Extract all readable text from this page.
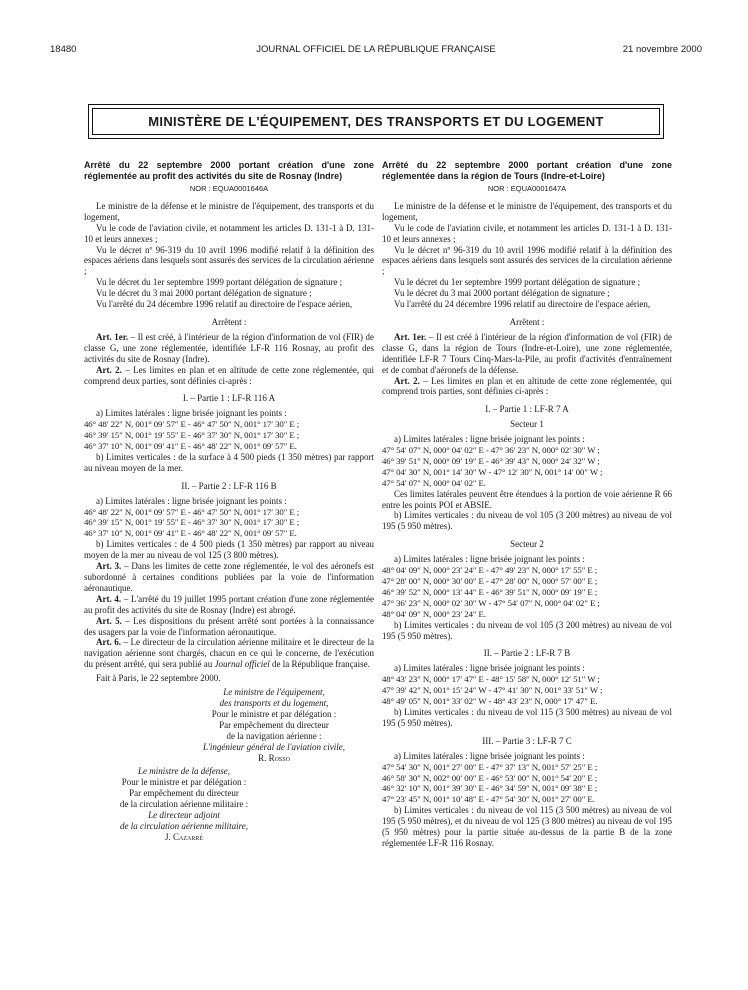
18480	JOURNAL OFFICIEL DE LA RÉPUBLIQUE FRANÇAISE	21 novembre 2000
MINISTÈRE DE L'ÉQUIPEMENT, DES TRANSPORTS ET DU LOGEMENT

Arrêté du 22 septembre 2000 portant création d'une zone réglementée au profit des activités du site de Rosnay (Indre)

NOR : EQUA0001646A

Le ministre de la défense et le ministre de l'équipement, des transports et du logement,

Vu le code de l'aviation civile, et notamment les articles D. 131-1 à D. 131-10 et leurs annexes ;

Vu le décret nº 96-319 du 10 avril 1996 modifié relatif à la définition des espaces aériens dans lesquels sont assurés des services de la circulation aérienne ;

Vu le décret du 1er septembre 1999 portant délégation de signature ;

Vu le décret du 3 mai 2000 portant délégation de signature ;

Vu l'arrêté du 24 décembre 1996 relatif au directoire de l'espace aérien,

Arrêtent :

Art. 1er. – Il est créé, à l'intérieur de la région d'information de vol (FIR) de classe G, une zone réglementée, identifiée LF-R 116 Rosnay, au profit des activités du site de Rosnay (Indre).

Art. 2. – Les limites en plan et en altitude de cette zone réglementée, qui comprend deux parties, sont définies ci-après :

I. – Partie 1 : LF-R 116 A

a) Limites latérales : ligne brisée joignant les points :

46° 48′ 22″ N, 001° 09′ 57″ E - 46° 47′ 50″ N, 001° 17′ 30″ E ;
46° 39′ 15″ N, 001° 19′ 55″ E - 46° 37′ 30″ N, 001° 17′ 30″ E ;
46° 37′ 10″ N, 001° 09′ 41″ E - 46° 48′ 22″ N, 001° 09′ 57″ E.

b) Limites verticales : de la surface à 4 500 pieds (1 350 mètres) par rapport au niveau moyen de la mer.

II. – Partie 2 : LF-R 116 B

a) Limites latérales : ligne brisée joignant les points :

46° 48′ 22″ N, 001° 09′ 57″ E - 46° 47′ 50″ N, 001° 17′ 30″ E ;
46° 39′ 15″ N, 001° 19′ 55″ E - 46° 37′ 30″ N, 001° 17′ 30″ E ;
46° 37′ 10″ N, 001° 09′ 41″ E - 46° 48′ 22″ N, 001° 09′ 57″ E.

b) Limites verticales : de 4 500 pieds (1 350 mètres) par rapport au niveau moyen de la mer au niveau de vol 125 (3 800 mètres).

Art. 3. – Dans les limites de cette zone réglementée, le vol des aéronefs est subordonné à certaines conditions publiées par la voie de l'information aéronautique.

Art. 4. – L'arrêté du 19 juillet 1995 portant création d'une zone réglementée au profit des activités du site de Rosnay (Indre) est abrogé.

Art. 5. – Les dispositions du présent arrêté sont portées à la connaissance des usagers par la voie de l'information aéronautique.

Art. 6. – Le directeur de la circulation aérienne militaire et le directeur de la navigation aérienne sont chargés, chacun en ce qui le concerne, de l'exécution du présent arrêté, qui sera publié au Journal officiel de la République française.

Fait à Paris, le 22 septembre 2000.

Le ministre de l'équipement,
des transports et du logement,
Pour le ministre et par délégation :
Par empêchement du directeur
de la navigation aérienne :
L'ingénieur général de l'aviation civile,
R. Rosso
Le ministre de la défense,
Pour le ministre et par délégation :
Par empêchement du directeur
de la circulation aérienne militaire :
Le directeur adjoint
de la circulation aérienne militaire,
J. Cazarré

Arrêté du 22 septembre 2000 portant création d'une zone réglementée dans la région de Tours (Indre-et-Loire)

NOR : EQUA0001647A

Le ministre de la défense et le ministre de l'équipement, des transports et du logement,

Vu le code de l'aviation civile, et notamment les articles D. 131-1 à D. 131-10 et leurs annexes ;

Vu le décret nº 96-319 du 10 avril 1996 modifié relatif à la définition des espaces aériens dans lesquels sont assurés des services de la circulation aérienne ;

Vu le décret du 1er septembre 1999 portant délégation de signature ;

Vu le décret du 3 mai 2000 portant délégation de signature ;

Vu l'arrêté du 24 décembre 1996 relatif au directoire de l'espace aérien,

Arrêtent :

Art. 1er. – Il est créé à l'intérieur de la région d'information de vol (FIR) de classe G, dans la région de Tours (Indre-et-Loire), une zone réglementée, identifiée LF-R 7 Tours Cinq-Mars-la-Pile, au profit d'activités d'entraînement et de combat d'aéronefs de la défense.

Art. 2. – Les limites en plan et en altitude de cette zone réglementée, qui comprend trois parties, sont définies ci-après :

I. – Partie 1 : LF-R 7 A

Secteur 1

a) Limites latérales : ligne brisée joignant les points :

47° 54′ 07″ N, 000° 04′ 02″ E - 47° 36′ 23″ N, 000° 02′ 30″ W ;
46° 39′ 51″ N, 000° 09′ 19″ E - 46° 39′ 43″ N, 000° 24′ 32″ W ;
47° 04′ 30″ N, 001° 14′ 30″ W - 47° 12′ 30″ N, 001° 14′ 00″ W ;
47° 54′ 07″ N, 000° 04′ 02″ E.

Ces limites latérales peuvent être étendues à la portion de voie aérienne R 66 entre les points POI et ABSIE.

b) Limites verticales : du niveau de vol 105 (3 200 mètres) au niveau de vol 195 (5 950 mètres).

Secteur 2

a) Limites latérales : ligne brisée joignant les points :

48° 04′ 09″ N, 000° 23′ 24″ E - 47° 49′ 23″ N, 000° 17′ 55″ E ;
47° 28′ 00″ N, 000° 30′ 00″ E - 47° 28′ 00″ N, 000° 57′ 00″ E ;
46° 39′ 52″ N, 000° 13′ 44″ E - 46° 39′ 51″ N, 000° 09′ 19″ E ;
47° 36′ 23″ N, 000° 02′ 30″ W - 47° 54′ 07″ N, 000° 04′ 02″ E ;
48° 04′ 09″ N, 000° 23′ 24″ E.

b) Limites verticales : du niveau de vol 105 (3 200 mètres) au niveau de vol 195 (5 950 mètres).

II. – Partie 2 : LF-R 7 B

a) Limites latérales : ligne brisée joignant les points :

48° 43′ 23″ N, 000° 17′ 47″ E - 48° 15′ 58″ N, 000° 12′ 51″ W ;
47° 39′ 42″ N, 001° 15′ 24″ W - 47° 41′ 30″ N, 001° 33′ 51″ W ;
48° 49′ 05″ N, 001° 33′ 02″ W - 48° 43′ 23″ N, 000° 17′ 47″ E.

b) Limites verticales : du niveau de vol 115 (3 500 mètres) au niveau de vol 195 (5 950 mètres).

III. – Partie 3 : LF-R 7 C

a) Limites latérales : ligne brisée joignant les points :

47° 54′ 30″ N, 001° 27′ 00″ E - 47° 37′ 13″ N, 001° 57′ 25″ E ;
46° 58′ 30″ N, 002° 00′ 00″ E - 46° 53′ 00″ N, 001° 54′ 20″ E ;
46° 32′ 10″ N, 001° 39′ 30″ E - 46° 34′ 59″ N, 001° 09′ 38″ E ;
47° 23′ 45″ N, 001° 10′ 48″ E - 47° 54′ 30″ N, 001° 27′ 00″ E.

b) Limites verticales : du niveau de vol 115 (3 500 mètres) au niveau de vol 195 (5 950 mètres), et du niveau de vol 125 (3 800 mètres) au niveau de vol 195 (5 950 mètres) pour la partie située au-dessus de la partie B de la zone réglementée LF-R 116 Rosnay.
